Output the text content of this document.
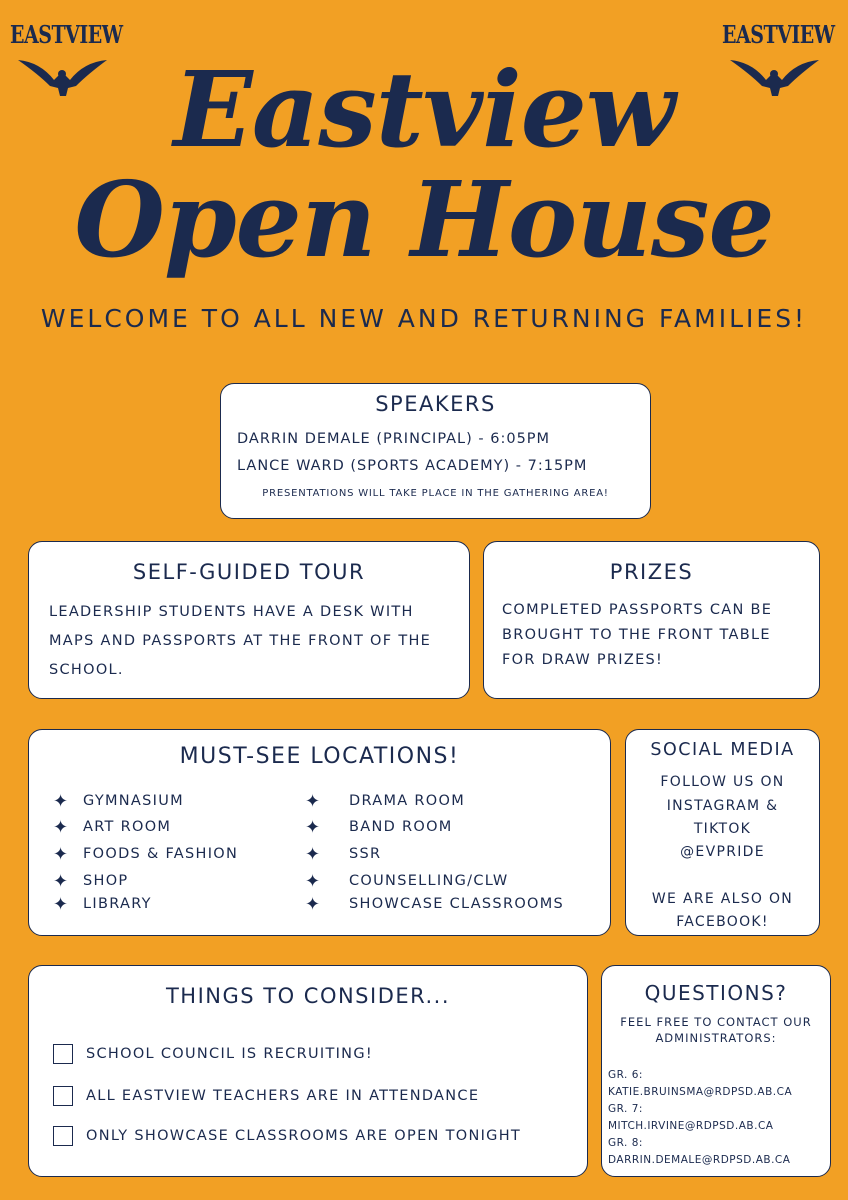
EASTVIEW	EASTVIEW
Eastview
Open House
WELCOME TO ALL NEW AND RETURNING FAMILIES!
SPEAKERS
DARRIN DEMALE (PRINCIPAL) - 6:05PM
LANCE WARD (SPORTS ACADEMY) - 7:15PM
PRESENTATIONS WILL TAKE PLACE IN THE GATHERING AREA!
SELF-GUIDED TOUR
LEADERSHIP STUDENTS HAVE A DESK WITH MAPS AND PASSPORTS AT THE FRONT OF THE SCHOOL.
PRIZES
COMPLETED PASSPORTS CAN BE BROUGHT TO THE FRONT TABLE FOR DRAW PRIZES!
MUST-SEE LOCATIONS!
✦ GYMNASIUM
✦ ART ROOM
✦ FOODS & FASHION
✦ SHOP
✦ LIBRARY
✦ DRAMA ROOM
✦ BAND ROOM
✦ SSR
✦ COUNSELLING/CLW
✦ SHOWCASE CLASSROOMS
SOCIAL MEDIA
FOLLOW US ON
INSTAGRAM &
TIKTOK
@EVPRIDE
WE ARE ALSO ON
FACEBOOK!
THINGS TO CONSIDER...
SCHOOL COUNCIL IS RECRUITING!
ALL EASTVIEW TEACHERS ARE IN ATTENDANCE
ONLY SHOWCASE CLASSROOMS ARE OPEN TONIGHT
QUESTIONS?
FEEL FREE TO CONTACT OUR ADMINISTRATORS:
GR. 6:
KATIE.BRUINSMA@RDPSD.AB.CA
GR. 7:
MITCH.IRVINE@RDPSD.AB.CA
GR. 8:
DARRIN.DEMALE@RDPSD.AB.CA
